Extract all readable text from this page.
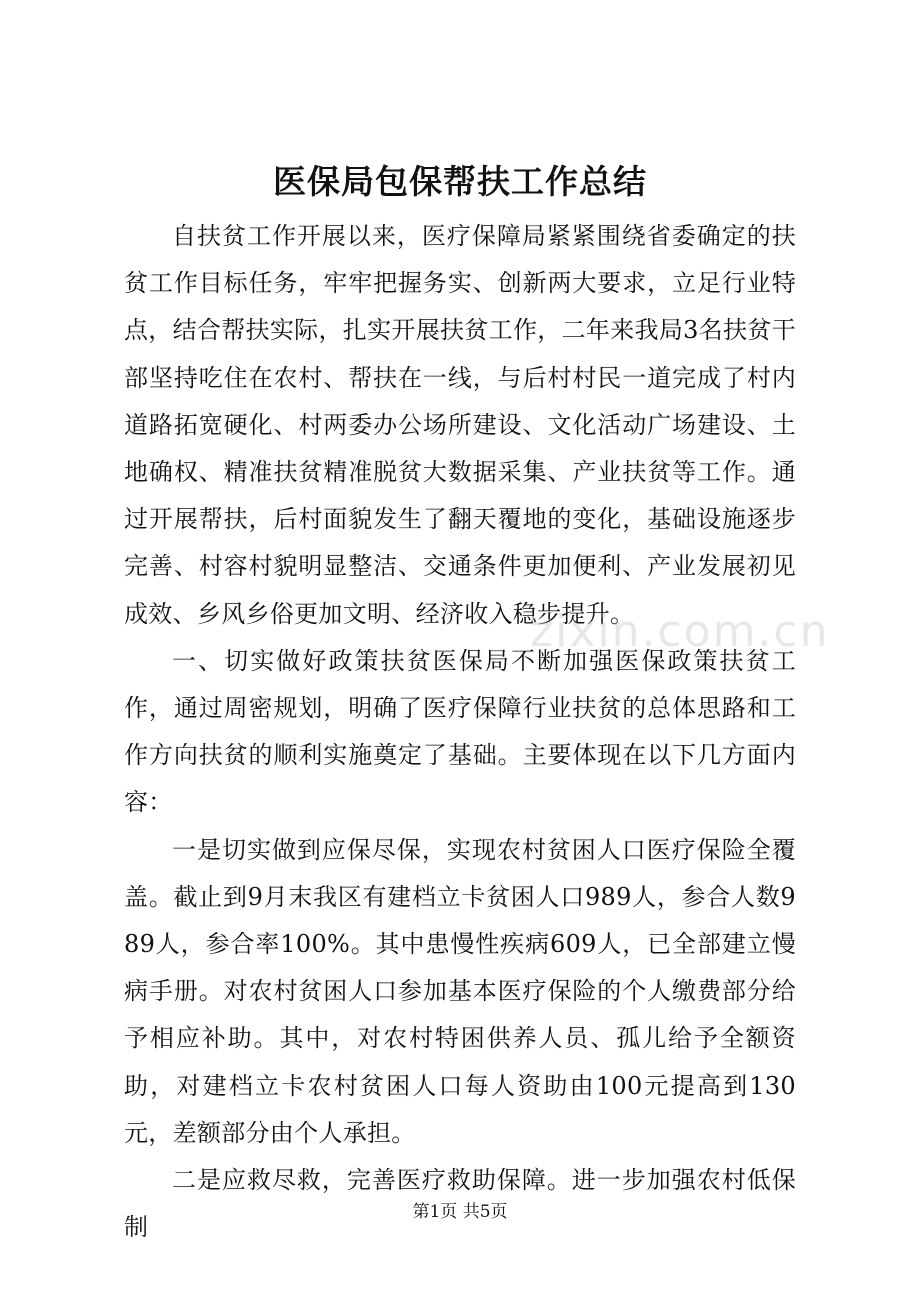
医保局包保帮扶工作总结

自扶贫工作开展以来，医疗保障局紧紧围绕省委确定的扶贫工作目标任务，牢牢把握务实、创新两大要求，立足行业特点，结合帮扶实际，扎实开展扶贫工作，二年来我局3名扶贫干部坚持吃住在农村、帮扶在一线，与后村村民一道完成了村内道路拓宽硬化、村两委办公场所建设、文化活动广场建设、土地确权、精准扶贫精准脱贫大数据采集、产业扶贫等工作。通过开展帮扶，后村面貌发生了翻天覆地的变化，基础设施逐步完善、村容村貌明显整洁、交通条件更加便利、产业发展初见成效、乡风乡俗更加文明、经济收入稳步提升。

一、切实做好政策扶贫医保局不断加强医保政策扶贫工作，通过周密规划，明确了医疗保障行业扶贫的总体思路和工作方向扶贫的顺利实施奠定了基础。主要体现在以下几方面内容：

一是切实做到应保尽保，实现农村贫困人口医疗保险全覆盖。截止到9月末我区有建档立卡贫困人口989人，参合人数989人，参合率100%。其中患慢性疾病609人，已全部建立慢病手册。对农村贫困人口参加基本医疗保险的个人缴费部分给予相应补助。其中，对农村特困供养人员、孤儿给予全额资助，对建档立卡农村贫困人口每人资助由100元提高到130元，差额部分由个人承担。

二是应救尽救，完善医疗救助保障。进一步加强农村低保制

zixin.com.cn
第1页 共5页
